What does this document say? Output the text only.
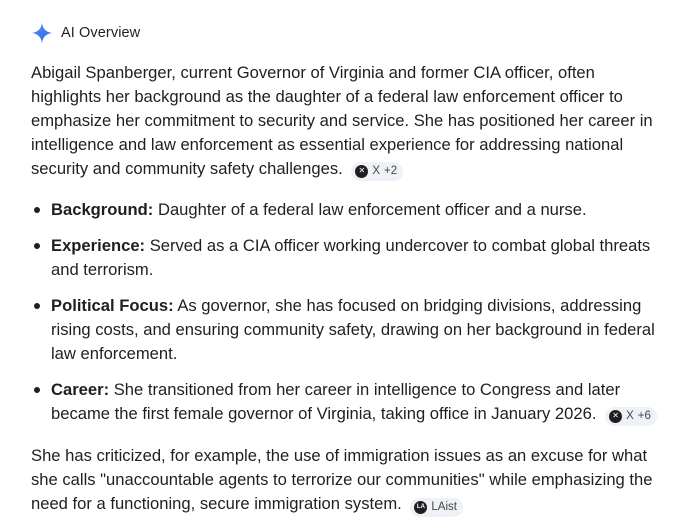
AI Overview
Abigail Spanberger, current Governor of Virginia and former CIA officer, often highlights her background as the daughter of a federal law enforcement officer to emphasize her commitment to security and service. She has positioned her career in intelligence and law enforcement as essential experience for addressing national security and community safety challenges.	✕ X +2
Background: Daughter of a federal law enforcement officer and a nurse.
Experience: Served as a CIA officer working undercover to combat global threats and terrorism.
Political Focus: As governor, she has focused on bridging divisions, addressing rising costs, and ensuring community safety, drawing on her background in federal law enforcement.
Career: She transitioned from her career in intelligence to Congress and later became the first female governor of Virginia, taking office in January 2026.	✕ X +6
She has criticized, for example, the use of immigration issues as an excuse for what she calls "unaccountable agents to terrorize our communities" while emphasizing the need for a functioning, secure immigration system.	LA LAist
